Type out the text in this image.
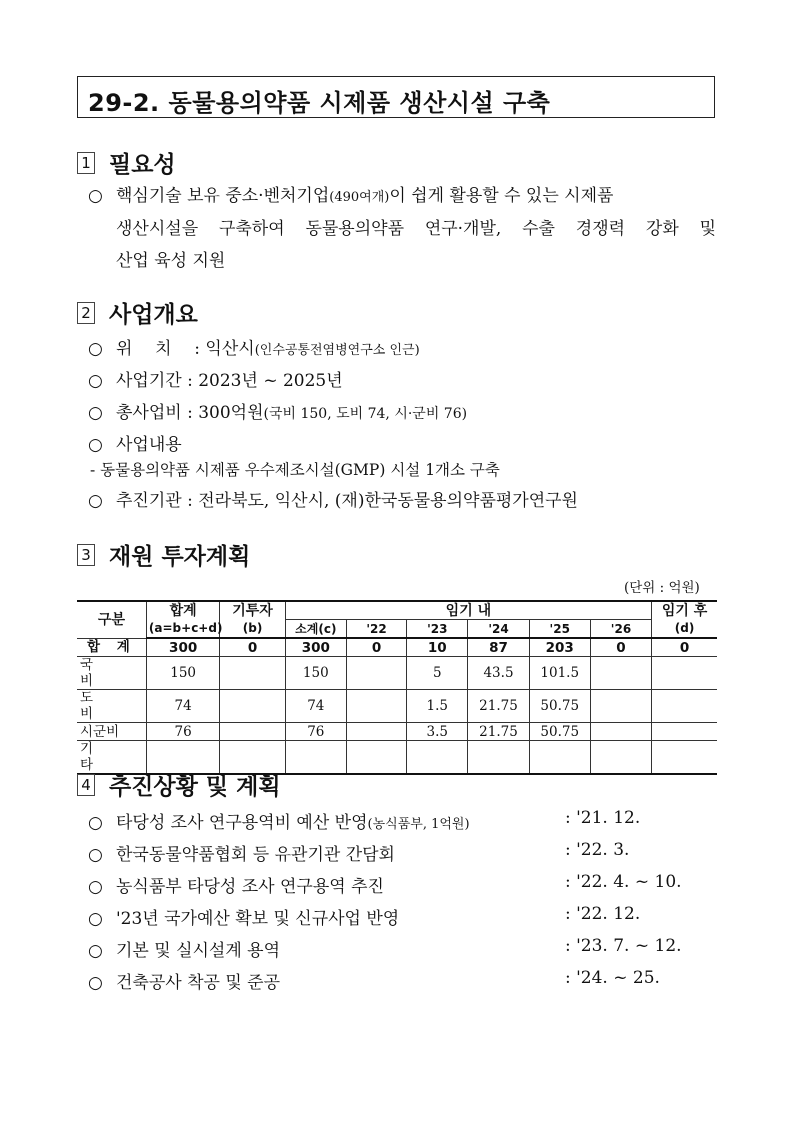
29-2. 동물용의약품 시제품 생산시설 구축
1 필요성
○ 핵심기술 보유 중소·벤처기업(490여개)이 쉽게 활용할 수 있는 시제품
생산시설을 구축하여 동물용의약품 연구·개발, 수출 경쟁력 강화 및
산업 육성 지원
2 사업개요
○ 위 치 : 익산시(인수공통전염병연구소 인근)
○ 사업기간 : 2023년 ~ 2025년
○ 총사업비 : 300억원(국비 150, 도비 74, 시·군비 76)
○ 사업내용
- 동물용의약품 시제품 우수제조시설(GMP) 시설 1개소 구축
○ 추진기관 : 전라북도, 익산시, (재)한국동물용의약품평가연구원
3 재원 투자계획
(단위 : 억원)
구분	합계	기투자	임기 내						임기 후
	(a=b+c+d)	(b)	소계(c)	'22	'23	'24	'25	'26	(d)
합 계	300	0	300	0	10	87	203	0	0
국 비	150		150		5	43.5	101.5		
도 비	74		74		1.5	21.75	50.75		
시군비	76		76		3.5	21.75	50.75		
기 타									
4 추진상황 및 계획
○ 타당성 조사 연구용역비 예산 반영(농식품부, 1억원)	: '21. 12.
○ 한국동물약품협회 등 유관기관 간담회	: '22. 3.
○ 농식품부 타당성 조사 연구용역 추진	: '22. 4. ~ 10.
○ '23년 국가예산 확보 및 신규사업 반영	: '22. 12.
○ 기본 및 실시설계 용역	: '23. 7. ~ 12.
○ 건축공사 착공 및 준공	: '24. ~ 25.
